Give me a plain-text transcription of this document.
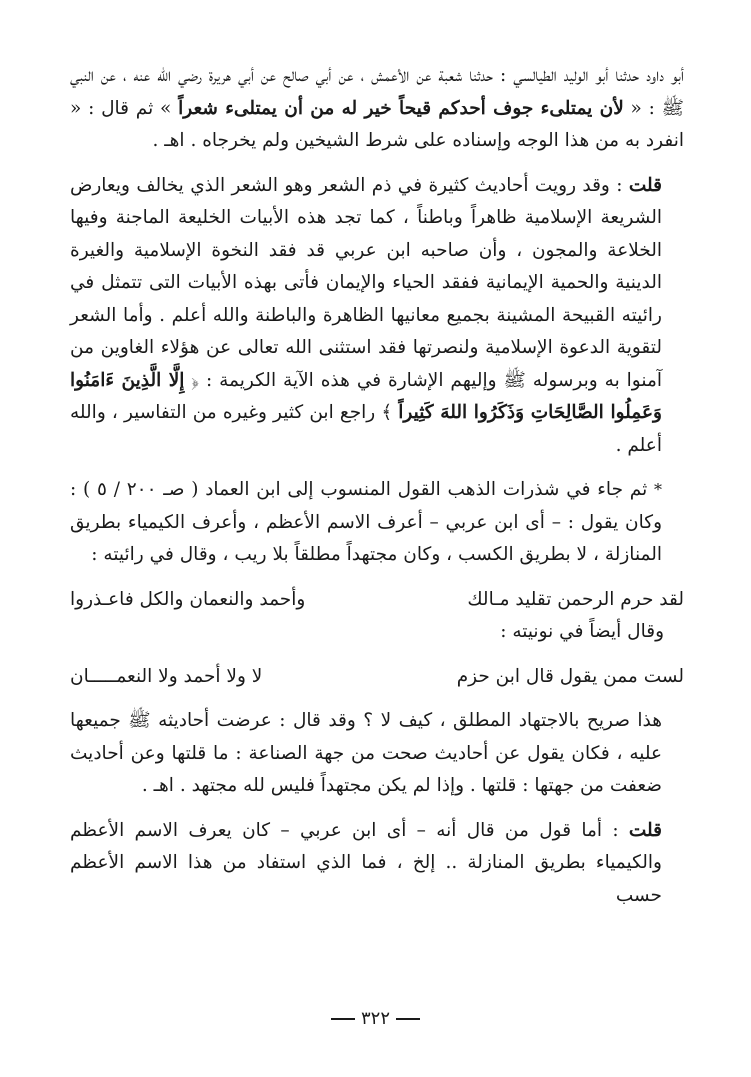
أبو داود حدثنا أبو الوليد الطيالسي : حدثنا شعبة عن الأعمش ، عن أبي صالح عن أبي هريرة رضي الله عنه ، عن النبي ﷺ : « لأن يمتلىء جوف أحدكم قيحاً خير له من أن يمتلىء شعراً » ثم قال : « انفرد به من هذا الوجه وإسناده على شرط الشيخين ولم يخرجاه . اهـ .

قلت : وقد رويت أحاديث كثيرة في ذم الشعر وهو الشعر الذي يخالف ويعارض الشريعة الإسلامية ظاهراً وباطناً ، كما تجد هذه الأبيات الخليعة الماجنة وفيها الخلاعة والمجون ، وأن صاحبه ابن عربي قد فقد النخوة الإسلامية والغيرة الدينية والحمية الإيمانية ففقد الحياء والإيمان فأتى بهذه الأبيات التى تتمثل في رائيته القبيحة المشينة بجميع معانيها الظاهرة والباطنة والله أعلم . وأما الشعر لتقوية الدعوة الإسلامية ولنصرتها فقد استثنى الله تعالى عن هؤلاء الغاوين من آمنوا به وبرسوله ﷺ وإليهم الإشارة في هذه الآية الكريمة : ﴿ إِلَّا الَّذِينَ ءَامَنُوا وَعَمِلُوا الصَّالِحَاتِ وَذَكَرُوا اللهَ كَثِيراً ﴾ راجع ابن كثير وغيره من التفاسير ، والله أعلم .

* ثم جاء في شذرات الذهب القول المنسوب إلى ابن العماد ( صـ ٢٠٠ / ٥ ) : وكان يقول : – أى ابن عربي – أعرف الاسم الأعظم ، وأعرف الكيمياء بطريق المنازلة ، لا بطريق الكسب ، وكان مجتهداً مطلقاً بلا ريب ، وقال في رائيته :

لقد حرم الرحمن تقليد مـالك
وأحمد والنعمان والكل فاعـذروا
وقال أيضاً في نونيته :
لست ممن يقول قال ابن حزم
لا ولا أحمد ولا النعمـــــان

هذا صريح بالاجتهاد المطلق ، كيف لا ؟ وقد قال : عرضت أحاديثه ﷺ جميعها عليه ، فكان يقول عن أحاديث صحت من جهة الصناعة : ما قلتها وعن أحاديث ضعفت من جهتها : قلتها . وإذا لم يكن مجتهداً فليس لله مجتهد . اهـ .

قلت : أما قول من قال أنه – أى ابن عربي – كان يعرف الاسم الأعظم والكيمياء بطريق المنازلة .. إلخ ، فما الذي استفاد من هذا الاسم الأعظم حسب

٣٢٢
